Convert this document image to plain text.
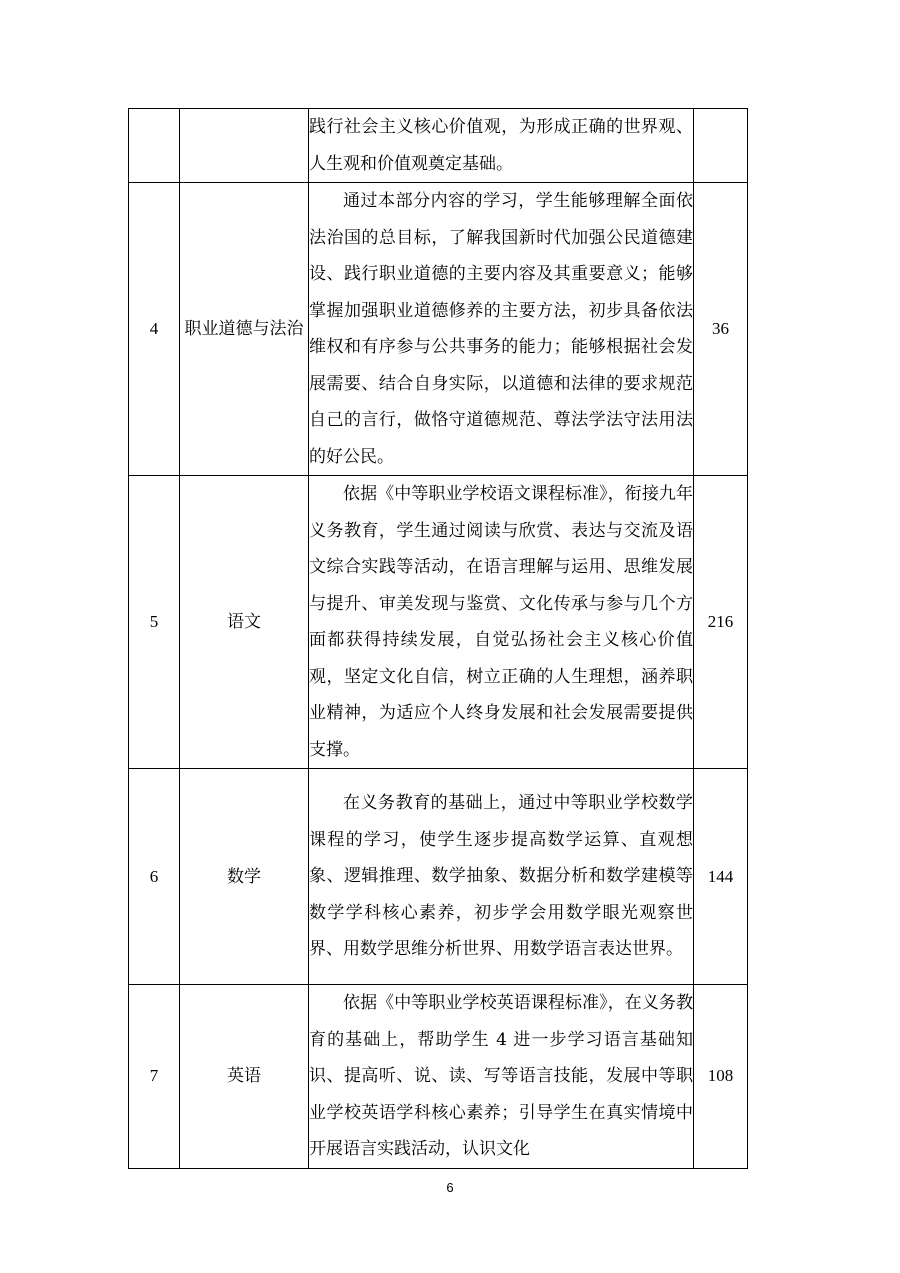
		践行社会主义核心价值观，为形成正确的世界观、人生观和价值观奠定基础。	

4	职业道德与法治	通过本部分内容的学习，学生能够理解全面依法治国的总目标，了解我国新时代加强公民道德建设、践行职业道德的主要内容及其重要意义；能够掌握加强职业道德修养的主要方法，初步具备依法维权和有序参与公共事务的能力；能够根据社会发展需要、结合自身实际，以道德和法律的要求规范自己的言行，做恪守道德规范、尊法学法守法用法的好公民。	36
5	语文	依据《中等职业学校语文课程标准》，衔接九年义务教育，学生通过阅读与欣赏、表达与交流及语文综合实践等活动，在语言理解与运用、思维发展与提升、审美发现与鉴赏、文化传承与参与几个方面都获得持续发展，自觉弘扬社会主义核心价值观，坚定文化自信，树立正确的人生理想，涵养职业精神，为适应个人终身发展和社会发展需要提供支撑。	216
6	数学	在义务教育的基础上，通过中等职业学校数学课程的学习，使学生逐步提高数学运算、直观想象、逻辑推理、数学抽象、数据分析和数学建模等数学学科核心素养，初步学会用数学眼光观察世界、用数学思维分析世界、用数学语言表达世界。	144
7	英语	依据《中等职业学校英语课程标准》，在义务教育的基础上，帮助学生 4 进一步学习语言基础知识、提高听、说、读、写等语言技能，发展中等职业学校英语学科核心素养；引导学生在真实情境中开展语言实践活动，认识文化	108
6
